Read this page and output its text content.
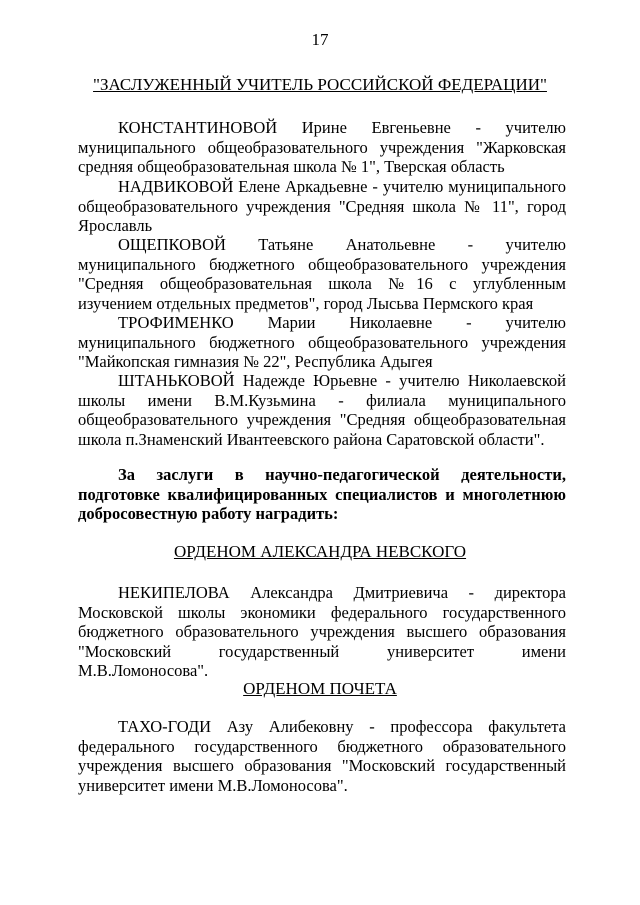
17
"ЗАСЛУЖЕННЫЙ УЧИТЕЛЬ РОССИЙСКОЙ ФЕДЕРАЦИИ"
КОНСТАНТИНОВОЙ Ирине Евгеньевне - учителю муниципального общеобразовательного учреждения "Жарковская средняя общеобразовательная школа № 1", Тверская область
НАДВИКОВОЙ Елене Аркадьевне - учителю муниципального общеобразовательного учреждения "Средняя школа № 11", город Ярославль
ОЩЕПКОВОЙ Татьяне Анатольевне - учителю муниципального бюджетного общеобразовательного учреждения "Средняя общеобразовательная школа №16 с углубленным изучением отдельных предметов", город Лысьва Пермского края
ТРОФИМЕНКО Марии Николаевне - учителю муниципального бюджетного общеобразовательного учреждения "Майкопская гимназия № 22", Республика Адыгея
ШТАНЬКОВОЙ Надежде Юрьевне - учителю Николаевской школы имени В.М.Кузьмина - филиала муниципального общеобразовательного учреждения "Средняя общеобразовательная школа п.Знаменский Ивантеевского района Саратовской области".
За заслуги в научно-педагогической деятельности, подготовке квалифицированных специалистов и многолетнюю добросовестную работу наградить:
ОРДЕНОМ АЛЕКСАНДРА НЕВСКОГО
НЕКИПЕЛОВА Александра Дмитриевича - директора Московской школы экономики федерального государственного бюджетного образовательного учреждения высшего образования "Московский государственный университет имени М.В.Ломоносова".
ОРДЕНОМ ПОЧЕТА
ТАХО-ГОДИ Азу Алибековну - профессора факультета федерального государственного бюджетного образовательного учреждения высшего образования "Московский государственный университет имени М.В.Ломоносова".
